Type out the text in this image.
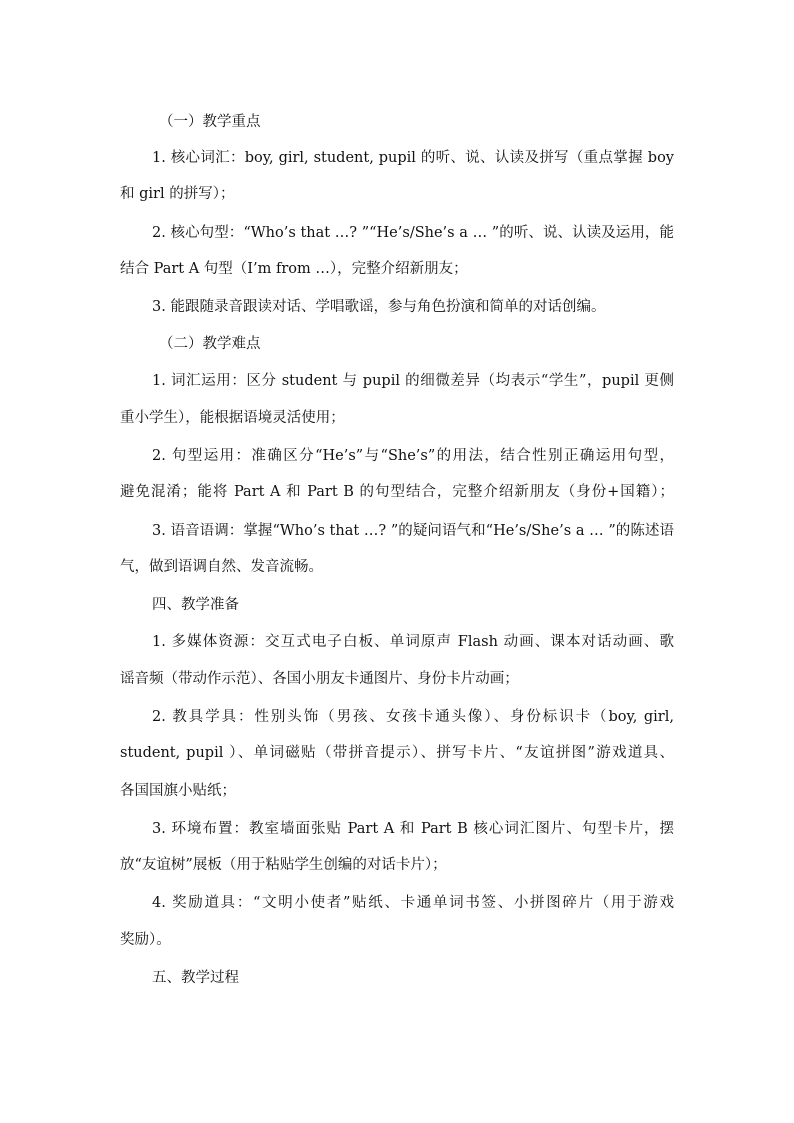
（一）教学重点
1. 核心词汇：boy, girl, student, pupil 的听、说、认读及拼写（重点掌握 boy
和 girl 的拼写）；
2. 核心句型：“Who’s that …? ”“He’s/She’s a … ”的听、说、认读及运用，能
结合 Part A 句型（I’m from …），完整介绍新朋友；
3. 能跟随录音跟读对话、学唱歌谣，参与角色扮演和简单的对话创编。
（二）教学难点
1. 词汇运用：区分 student 与 pupil 的细微差异（均表示“学生”，pupil 更侧
重小学生），能根据语境灵活使用；
2. 句型运用：准确区分“He’s”与“She’s”的用法，结合性别正确运用句型，
避免混淆；能将 Part A 和 Part B 的句型结合，完整介绍新朋友（身份+国籍）；
3. 语音语调：掌握“Who’s that …? ”的疑问语气和“He’s/She’s a … ”的陈述语
气，做到语调自然、发音流畅。
四、教学准备
1. 多媒体资源：交互式电子白板、单词原声 Flash 动画、课本对话动画、歌
谣音频（带动作示范）、各国小朋友卡通图片、身份卡片动画；
2. 教具学具：性别头饰（男孩、女孩卡通头像）、身份标识卡（boy, girl,
student, pupil ）、单词磁贴（带拼音提示）、拼写卡片、“友谊拼图”游戏道具、
各国国旗小贴纸；
3. 环境布置：教室墙面张贴 Part A 和 Part B 核心词汇图片、句型卡片，摆
放“友谊树”展板（用于粘贴学生创编的对话卡片）；
4. 奖励道具：“文明小使者”贴纸、卡通单词书签、小拼图碎片（用于游戏
奖励）。
五、教学过程
